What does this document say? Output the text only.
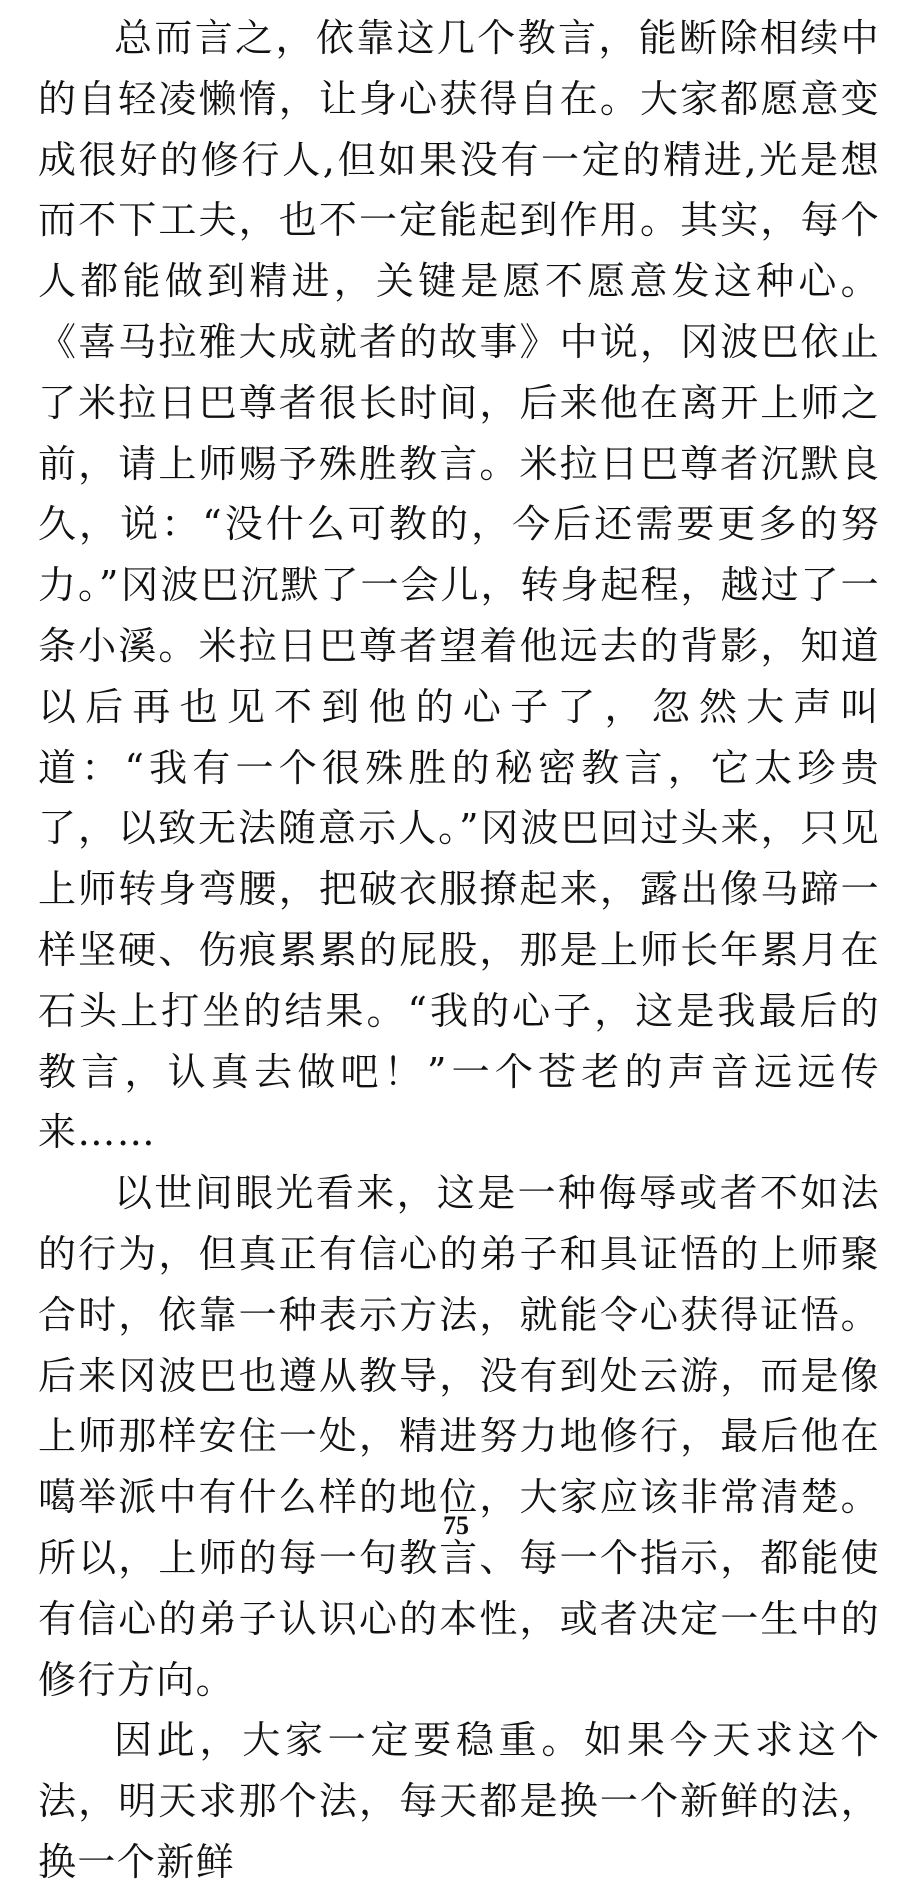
总而言之，依靠这几个教言，能断除相续中的自轻凌懒惰，让身心获得自在。大家都愿意变成很好的修行人,但如果没有一定的精进,光是想而不下工夫，也不一定能起到作用。其实，每个人都能做到精进，关键是愿不愿意发这种心。《喜马拉雅大成就者的故事》中说，冈波巴依止了米拉日巴尊者很长时间，后来他在离开上师之前，请上师赐予殊胜教言。米拉日巴尊者沉默良久，说：“没什么可教的，今后还需要更多的努力。”冈波巴沉默了一会儿，转身起程，越过了一条小溪。米拉日巴尊者望着他远去的背影，知道以后再也见不到他的心子了，忽然大声叫道：“我有一个很殊胜的秘密教言，它太珍贵了，以致无法随意示人。”冈波巴回过头来，只见上师转身弯腰，把破衣服撩起来，露出像马蹄一样坚硬、伤痕累累的屁股，那是上师长年累月在石头上打坐的结果。“我的心子，这是我最后的教言，认真去做吧！”一个苍老的声音远远传来……

以世间眼光看来，这是一种侮辱或者不如法的行为，但真正有信心的弟子和具证悟的上师聚合时，依靠一种表示方法，就能令心获得证悟。后来冈波巴也遵从教导，没有到处云游，而是像上师那样安住一处，精进努力地修行，最后他在噶举派中有什么样的地位，大家应该非常清楚。所以，上师的每一句教言、每一个指示，都能使有信心的弟子认识心的本性，或者决定一生中的修行方向。

因此，大家一定要稳重。如果今天求这个法，明天求那个法，每天都是换一个新鲜的法，换一个新鲜

75
